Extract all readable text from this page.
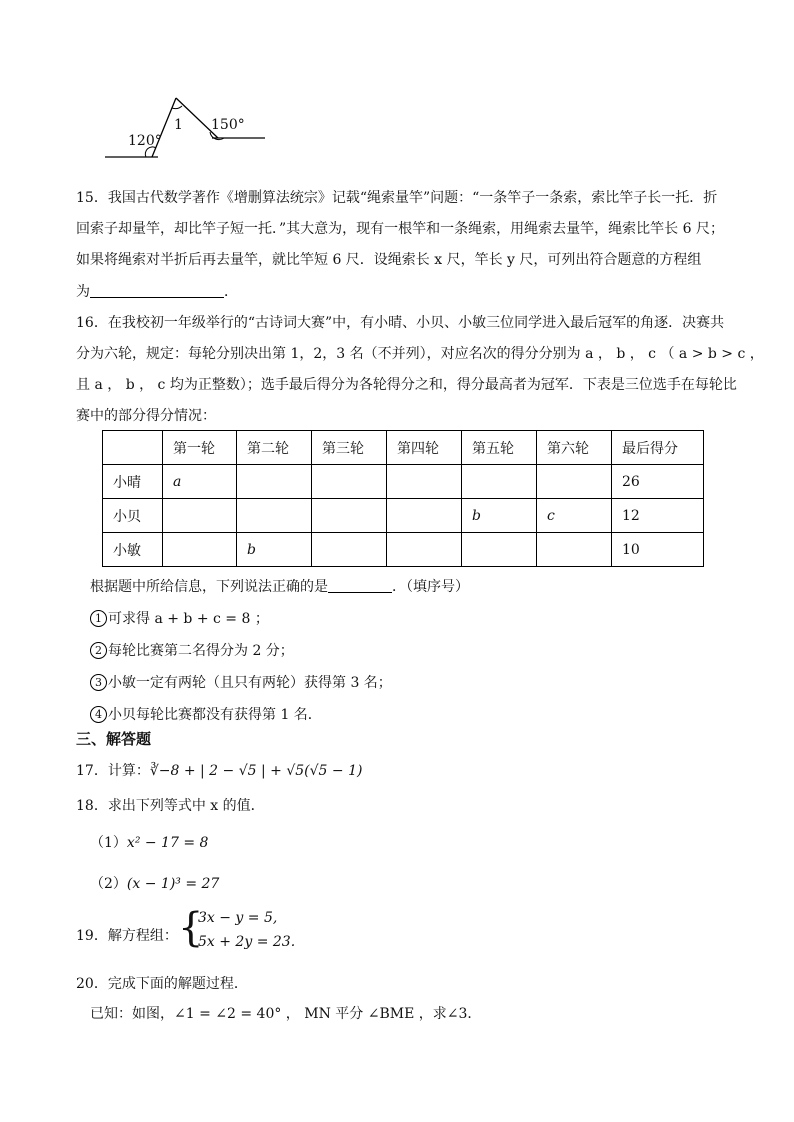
120°
1 150°
15．我国古代数学著作《增删算法统宗》记载“绳索量竿”问题：“一条竿子一条索，索比竿子长一托．折
回索子却量竿，却比竿子短一托．”其大意为，现有一根竿和一条绳索，用绳索去量竿，绳索比竿长 6 尺；
如果将绳索对半折后再去量竿，就比竿短 6 尺．设绳索长 x 尺，竿长 y 尺，可列出符合题意的方程组
为	．
16．在我校初一年级举行的“古诗词大赛”中，有小晴、小贝、小敏三位同学进入最后冠军的角逐．决赛共
分为六轮，规定：每轮分别决出第 1，2，3 名（不并列），对应名次的得分分别为 a ， b ， c （ a > b > c ，
且 a ， b ， c 均为正整数）；选手最后得分为各轮得分之和，得分最高者为冠军．下表是三位选手在每轮比
赛中的部分得分情况：
	第一轮	第二轮	第三轮	第四轮	第五轮	第六轮	最后得分
小晴	a						26
小贝					b	c	12
小敏		b					10
根据题中所给信息，下列说法正确的是	．（填序号）
1 可求得 a + b + c = 8 ；
2 每轮比赛第二名得分为 2 分；
3 小敏一定有两轮（且只有两轮）获得第 3 名；
4 小贝每轮比赛都没有获得第 1 名．
三、解答题
17．计算：∛−8 + | 2 − √5 | + √5(√5 − 1)
18．求出下列等式中 x 的值．
（1）x² − 17 = 8
（2）(x − 1)³ = 27
19．解方程组： {
3x − y = 5,
5x + 2y = 23.
20．完成下面的解题过程．
已知：如图，∠1 = ∠2 = 40° ， MN 平分 ∠BME ，求∠3．
